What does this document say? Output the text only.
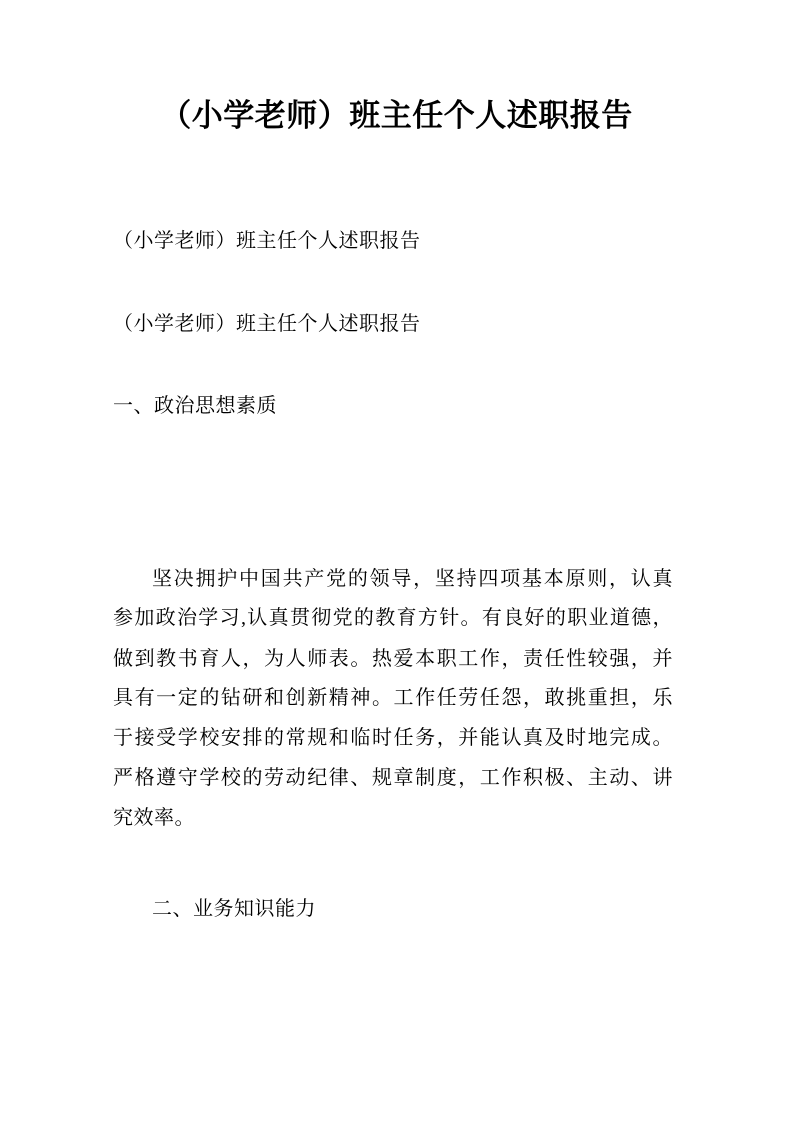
（小学老师）班主任个人述职报告

（小学老师）班主任个人述职报告

（小学老师）班主任个人述职报告

一、政治思想素质

坚决拥护中国共产党的领导，坚持四项基本原则，认真

参加政治学习,认真贯彻党的教育方针。有良好的职业道德，

做到教书育人，为人师表。热爱本职工作，责任性较强，并

具有一定的钻研和创新精神。工作任劳任怨，敢挑重担，乐

于接受学校安排的常规和临时任务，并能认真及时地完成。

严格遵守学校的劳动纪律、规章制度，工作积极、主动、讲

究效率。

二、业务知识能力
